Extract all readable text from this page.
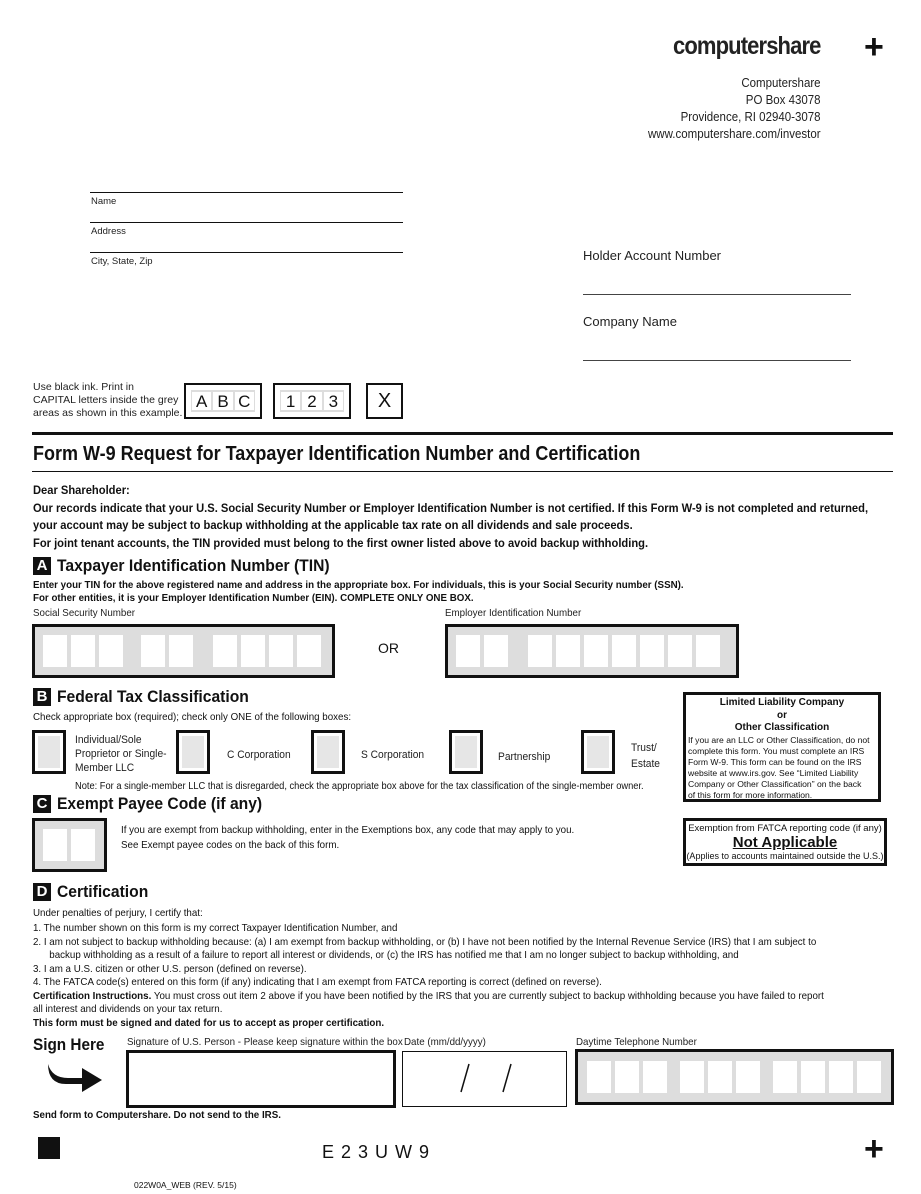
computershare +
Computershare
PO Box 43078
Providence, RI 02940-3078
www.computershare.com/investor
Name
Address
City, State, Zip	Holder Account Number
Company Name
Use black ink. Print in
CAPITAL letters inside the grey
areas as shown in this example.
A B C 1 2 3	X
Form W-9 Request for Taxpayer Identification Number and Certification
Dear Shareholder:
Our records indicate that your U.S. Social Security Number or Employer Identification Number is not certified. If this Form W-9 is not completed and returned,
your account may be subject to backup withholding at the applicable tax rate on all dividends and sale proceeds.
For joint tenant accounts, the TIN provided must belong to the first owner listed above to avoid backup withholding.
A Taxpayer Identification Number (TIN)
Enter your TIN for the above registered name and address in the appropriate box. For individuals, this is your Social Security number (SSN).
For other entities, it is your Employer Identification Number (EIN). COMPLETE ONLY ONE BOX.
Social Security Number	Employer Identification Number
OR
B Federal Tax Classification
Check appropriate box (required); check only ONE of the following boxes:
Individual/Sole
Proprietor or Single-
Member LLC
C Corporation	S Corporation	Partnership
Trust/
Estate
Note: For a single-member LLC that is disregarded, check the appropriate box above for the tax classification of the single-member owner.
Limited Liability Company
or
Other Classification
If you are an LLC or Other Classification, do not
complete this form. You must complete an IRS
Form W-9. This form can be found on the IRS
website at www.irs.gov. See “Limited Liability
Company or Other Classification” on the back
of this form for more information.
C Exempt Payee Code (if any)
If you are exempt from backup withholding, enter in the Exemptions box, any code that may apply to you.
See Exempt payee codes on the back of this form.
Exemption from FATCA reporting code (if any)
Not Applicable
(Applies to accounts maintained outside the U.S.)
D Certification
Under penalties of perjury, I certify that:
1. The number shown on this form is my correct Taxpayer Identification Number, and
2. I am not subject to backup withholding because: (a) I am exempt from backup withholding, or (b) I have not been notified by the Internal Revenue Service (IRS) that I am subject to
backup withholding as a result of a failure to report all interest or dividends, or (c) the IRS has notified me that I am no longer subject to backup withholding, and
3. I am a U.S. citizen or other U.S. person (defined on reverse).
4. The FATCA code(s) entered on this form (if any) indicating that I am exempt from FATCA reporting is correct (defined on reverse).
Certification Instructions. You must cross out item 2 above if you have been notified by the IRS that you are currently subject to backup withholding because you have failed to report
all interest and dividends on your tax return.
This form must be signed and dated for us to accept as proper certification.
Sign Here Signature of U.S. Person - Please keep signature within the box Date (mm/dd/yyyy)	Daytime Telephone Number
Send form to Computershare. Do not send to the IRS.
E 2 3 U W 9	+
022W0A_WEB (REV. 5/15)
